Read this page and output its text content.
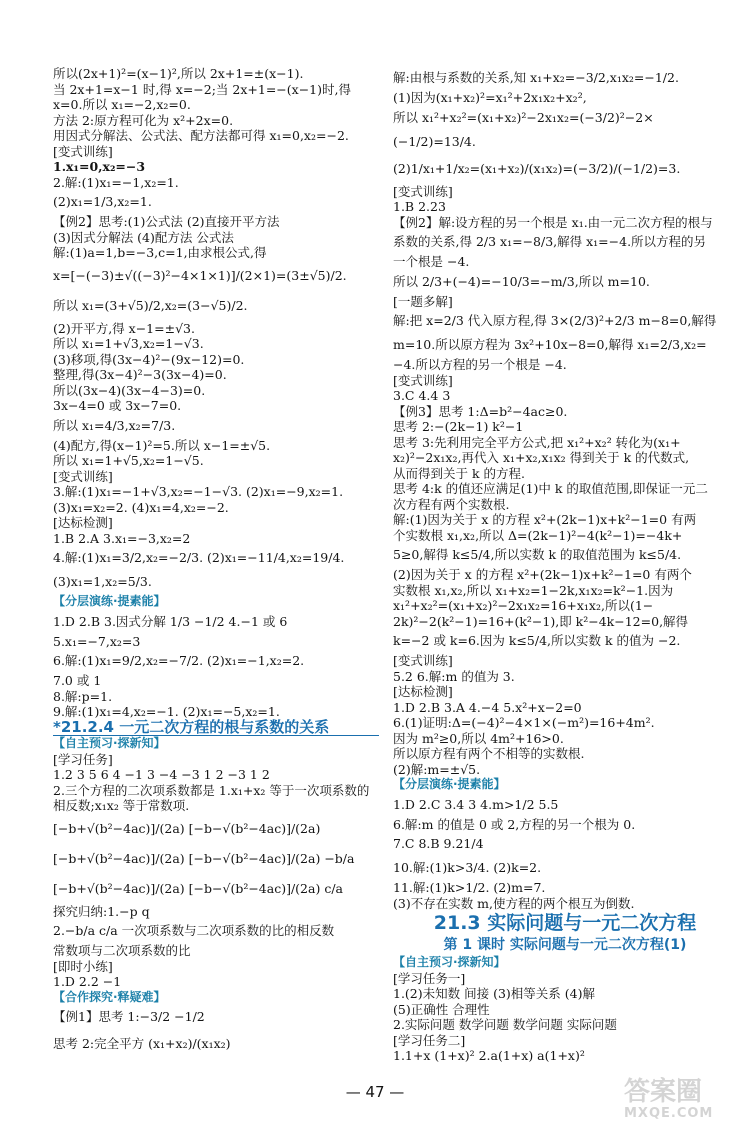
所以(2x+1)²=(x−1)²,所以 2x+1=±(x−1).
当 2x+1=x−1 时,得 x=−2;当 2x+1=−(x−1)时,得
x=0.所以 x₁=−2,x₂=0.
方法 2:原方程可化为 x²+2x=0.
用因式分解法、公式法、配方法都可得 x₁=0,x₂=−2.
[变式训练]
1.x₁=0,x₂=−3
2.解:(1)x₁=−1,x₂=1.
(2)x₁=1/3,x₂=1.
【例2】思考:(1)公式法 (2)直接开平方法
(3)因式分解法 (4)配方法 公式法
解:(1)a=1,b=−3,c=1,由求根公式,得
x=[−(−3)±√((−3)²−4×1×1)]/(2×1)=(3±√5)/2.
所以 x₁=(3+√5)/2,x₂=(3−√5)/2.
(2)开平方,得 x−1=±√3.
所以 x₁=1+√3,x₂=1−√3.
(3)移项,得(3x−4)²−(9x−12)=0.
整理,得(3x−4)²−3(3x−4)=0.
所以(3x−4)(3x−4−3)=0.
3x−4=0 或 3x−7=0.
所以 x₁=4/3,x₂=7/3.
(4)配方,得(x−1)²=5.所以 x−1=±√5.
所以 x₁=1+√5,x₂=1−√5.
[变式训练]
3.解:(1)x₁=−1+√3,x₂=−1−√3. (2)x₁=−9,x₂=1.
(3)x₁=x₂=2. (4)x₁=4,x₂=−2.
[达标检测]
1.B 2.A 3.x₁=−3,x₂=2
4.解:(1)x₁=3/2,x₂=−2/3. (2)x₁=−11/4,x₂=19/4.
(3)x₁=1,x₂=5/3.
【分层演练·提素能】
1.D 2.B 3.因式分解 1/3 −1/2 4.−1 或 6
5.x₁=−7,x₂=3
6.解:(1)x₁=9/2,x₂=−7/2. (2)x₁=−1,x₂=2.
7.0 或 1
8.解:p=1.
9.解:(1)x₁=4,x₂=−1. (2)x₁=−5,x₂=1.
*21.2.4 一元二次方程的根与系数的关系
【自主预习·探新知】
[学习任务]
1.2 3 5 6 4 −1 3 −4 −3 1 2 −3 1 2
2.三个方程的二次项系数都是 1.x₁+x₂ 等于一次项系数的
相反数;x₁x₂ 等于常数项.
[−b+√(b²−4ac)]/(2a) [−b−√(b²−4ac)]/(2a)
[−b+√(b²−4ac)]/(2a) [−b−√(b²−4ac)]/(2a) −b/a
[−b+√(b²−4ac)]/(2a) [−b−√(b²−4ac)]/(2a) c/a
探究归纳:1.−p q
2.−b/a c/a 一次项系数与二次项系数的比的相反数
常数项与二次项系数的比
[即时小练]
1.D 2.2 −1
【合作探究·释疑难】
【例1】思考 1:−3/2 −1/2
思考 2:完全平方 (x₁+x₂)/(x₁x₂)
解:由根与系数的关系,知 x₁+x₂=−3/2,x₁x₂=−1/2.
(1)因为(x₁+x₂)²=x₁²+2x₁x₂+x₂²,
所以 x₁²+x₂²=(x₁+x₂)²−2x₁x₂=(−3/2)²−2×
(−1/2)=13/4.
(2)1/x₁+1/x₂=(x₁+x₂)/(x₁x₂)=(−3/2)/(−1/2)=3.
[变式训练]
1.B 2.23
【例2】解:设方程的另一个根是 x₁.由一元二次方程的根与
系数的关系,得 2/3 x₁=−8/3,解得 x₁=−4.所以方程的另
一个根是 −4.
所以 2/3+(−4)=−10/3=−m/3,所以 m=10.
[一题多解]
解:把 x=2/3 代入原方程,得 3×(2/3)²+2/3 m−8=0,解得
m=10.所以原方程为 3x²+10x−8=0,解得 x₁=2/3,x₂=
−4.所以方程的另一个根是 −4.
[变式训练]
3.C 4.4 3
【例3】思考 1:Δ=b²−4ac≥0.
思考 2:−(2k−1) k²−1
思考 3:先利用完全平方公式,把 x₁²+x₂² 转化为(x₁+
x₂)²−2x₁x₂,再代入 x₁+x₂,x₁x₂ 得到关于 k 的代数式,
从而得到关于 k 的方程.
思考 4:k 的值还应满足(1)中 k 的取值范围,即保证一元二
次方程有两个实数根.
解:(1)因为关于 x 的方程 x²+(2k−1)x+k²−1=0 有两
个实数根 x₁,x₂,所以 Δ=(2k−1)²−4(k²−1)=−4k+
5≥0,解得 k≤5/4,所以实数 k 的取值范围为 k≤5/4.
(2)因为关于 x 的方程 x²+(2k−1)x+k²−1=0 有两个
实数根 x₁,x₂,所以 x₁+x₂=1−2k,x₁x₂=k²−1.因为
x₁²+x₂²=(x₁+x₂)²−2x₁x₂=16+x₁x₂,所以(1−
2k)²−2(k²−1)=16+(k²−1),即 k²−4k−12=0,解得
k=−2 或 k=6.因为 k≤5/4,所以实数 k 的值为 −2.
[变式训练]
5.2 6.解:m 的值为 3.
[达标检测]
1.D 2.B 3.A 4.−4 5.x²+x−2=0
6.(1)证明:Δ=(−4)²−4×1×(−m²)=16+4m².
因为 m²≥0,所以 4m²+16>0.
所以原方程有两个不相等的实数根.
(2)解:m=±√5.
【分层演练·提素能】
1.D 2.C 3.4 3 4.m>1/2 5.5
6.解:m 的值是 0 或 2,方程的另一个根为 0.
7.C 8.B 9.21/4
10.解:(1)k>3/4. (2)k=2.
11.解:(1)k>1/2. (2)m=7.
(3)不存在实数 m,使方程的两个根互为倒数.
21.3 实际问题与一元二次方程
第 1 课时 实际问题与一元二次方程(1)
【自主预习·探新知】
[学习任务一]
1.(2)未知数 间接 (3)相等关系 (4)解
(5)正确性 合理性
2.实际问题 数学问题 数学问题 实际问题
[学习任务二]
1.1+x (1+x)² 2.a(1+x) a(1+x)²
— 47 —	答案圈
MXQE.COM
